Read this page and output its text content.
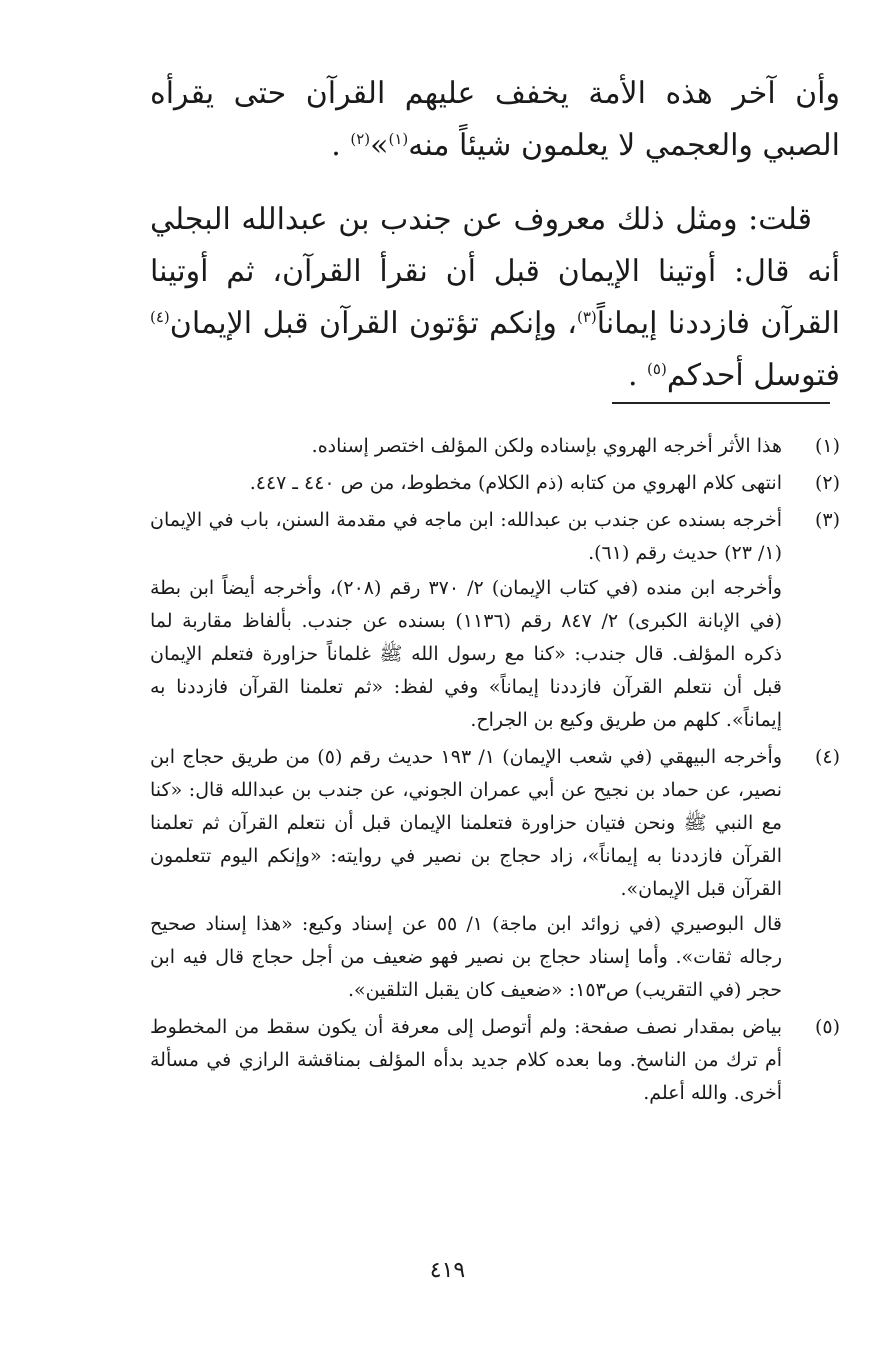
وأن آخر هذه الأمة يخفف عليهم القرآن حتى يقرأه الصبي والعجمي لا يعلمون شيئاً منه$^{(١)}$»$^{(٢)}$ .

قلت: ومثل ذلك معروف عن جندب بن عبدالله البجلي أنه قال: أوتينا الإيمان قبل أن نقرأ القرآن، ثم أوتينا القرآن فازددنا إيماناً$^{(٣)}$، وإنكم تؤتون القرآن قبل الإيمان$^{(٤)}$ فتوسل أحدكم$^{(٥)}$ .

(١)

هذا الأثر أخرجه الهروي بإسناده ولكن المؤلف اختصر إسناده.

(٢)

انتهى كلام الهروي من كتابه (ذم الكلام) مخطوط، من ص ٤٤٠ ـ ٤٤٧.

(٣)

أخرجه بسنده عن جندب بن عبدالله: ابن ماجه في مقدمة السنن، باب في الإيمان (١/ ٢٣) حديث رقم (٦١).

وأخرجه ابن منده (في كتاب الإيمان) ٢/ ٣٧٠ رقم (٢٠٨)، وأخرجه أيضاً ابن بطة (في الإبانة الكبرى) ٢/ ٨٤٧ رقم (١١٣٦) بسنده عن جندب. بألفاظ مقاربة لما ذكره المؤلف. قال جندب: «كنا مع رسول الله ﷺ غلماناً حزاورة فتعلم الإيمان قبل أن نتعلم القرآن فازددنا إيماناً» وفي لفظ: «ثم تعلمنا القرآن فازددنا به إيماناً». كلهم من طريق وكيع بن الجراح.

(٤)

وأخرجه البيهقي (في شعب الإيمان) ١/ ١٩٣ حديث رقم (٥) من طريق حجاج ابن نصير، عن حماد بن نجيح عن أبي عمران الجوني، عن جندب بن عبدالله قال: «كنا مع النبي ﷺ ونحن فتيان حزاورة فتعلمنا الإيمان قبل أن نتعلم القرآن ثم تعلمنا القرآن فازددنا به إيماناً»، زاد حجاج بن نصير في روايته: «وإنكم اليوم تتعلمون القرآن قبل الإيمان».

قال البوصيري (في زوائد ابن ماجة) ١/ ٥٥ عن إسناد وكيع: «هذا إسناد صحيح رجاله ثقات». وأما إسناد حجاج بن نصير فهو ضعيف من أجل حجاج قال فيه ابن حجر (في التقريب) ص١٥٣: «ضعيف كان يقبل التلقين».

(٥)

بياض بمقدار نصف صفحة: ولم أتوصل إلى معرفة أن يكون سقط من المخطوط أم ترك من الناسخ. وما بعده كلام جديد بدأه المؤلف بمناقشة الرازي في مسألة أخرى. والله أعلم.

٤١٩
